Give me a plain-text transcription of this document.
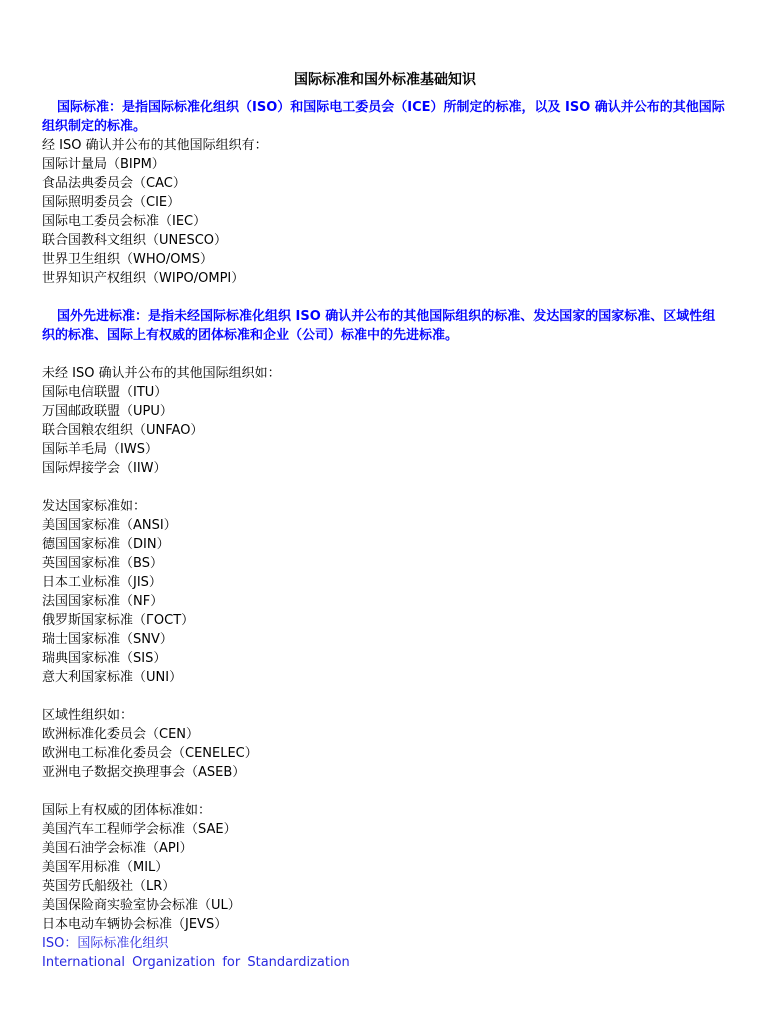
国际标准和国外标准基础知识

国际标准：是指国际标准化组织（ISO）和国际电工委员会（ICE）所制定的标准，以及 ISO 确认并公布的其他国际组织制定的标准。

经 ISO 确认并公布的其他国际组织有：

国际计量局（BIPM）

食品法典委员会（CAC）

国际照明委员会（CIE）

国际电工委员会标准（IEC）

联合国教科文组织（UNESCO）

世界卫生组织（WHO/OMS）

世界知识产权组织（WIPO/OMPI）

国外先进标准：是指未经国际标准化组织 ISO 确认并公布的其他国际组织的标准、发达国家的国家标准、区域性组织的标准、国际上有权威的团体标准和企业（公司）标准中的先进标准。

未经 ISO 确认并公布的其他国际组织如：

国际电信联盟（ITU）

万国邮政联盟（UPU）

联合国粮农组织（UNFAO）

国际羊毛局（IWS）

国际焊接学会（IIW）

发达国家标准如：

美国国家标准（ANSI）

德国国家标准（DIN）

英国国家标准（BS）

日本工业标准（JIS）

法国国家标准（NF）

俄罗斯国家标准（ГОСТ）

瑞士国家标准（SNV）

瑞典国家标准（SIS）

意大利国家标准（UNI）

区域性组织如：

欧洲标准化委员会（CEN）

欧洲电工标准化委员会（CENELEC）

亚洲电子数据交换理事会（ASEB）

国际上有权威的团体标准如：

美国汽车工程师学会标准（SAE）

美国石油学会标准（API）

美国军用标准（MIL）

英国劳氏船级社（LR）

美国保险商实验室协会标准（UL）

日本电动车辆协会标准（JEVS）

ISO：国际标准化组织

International Organization for Standardization
